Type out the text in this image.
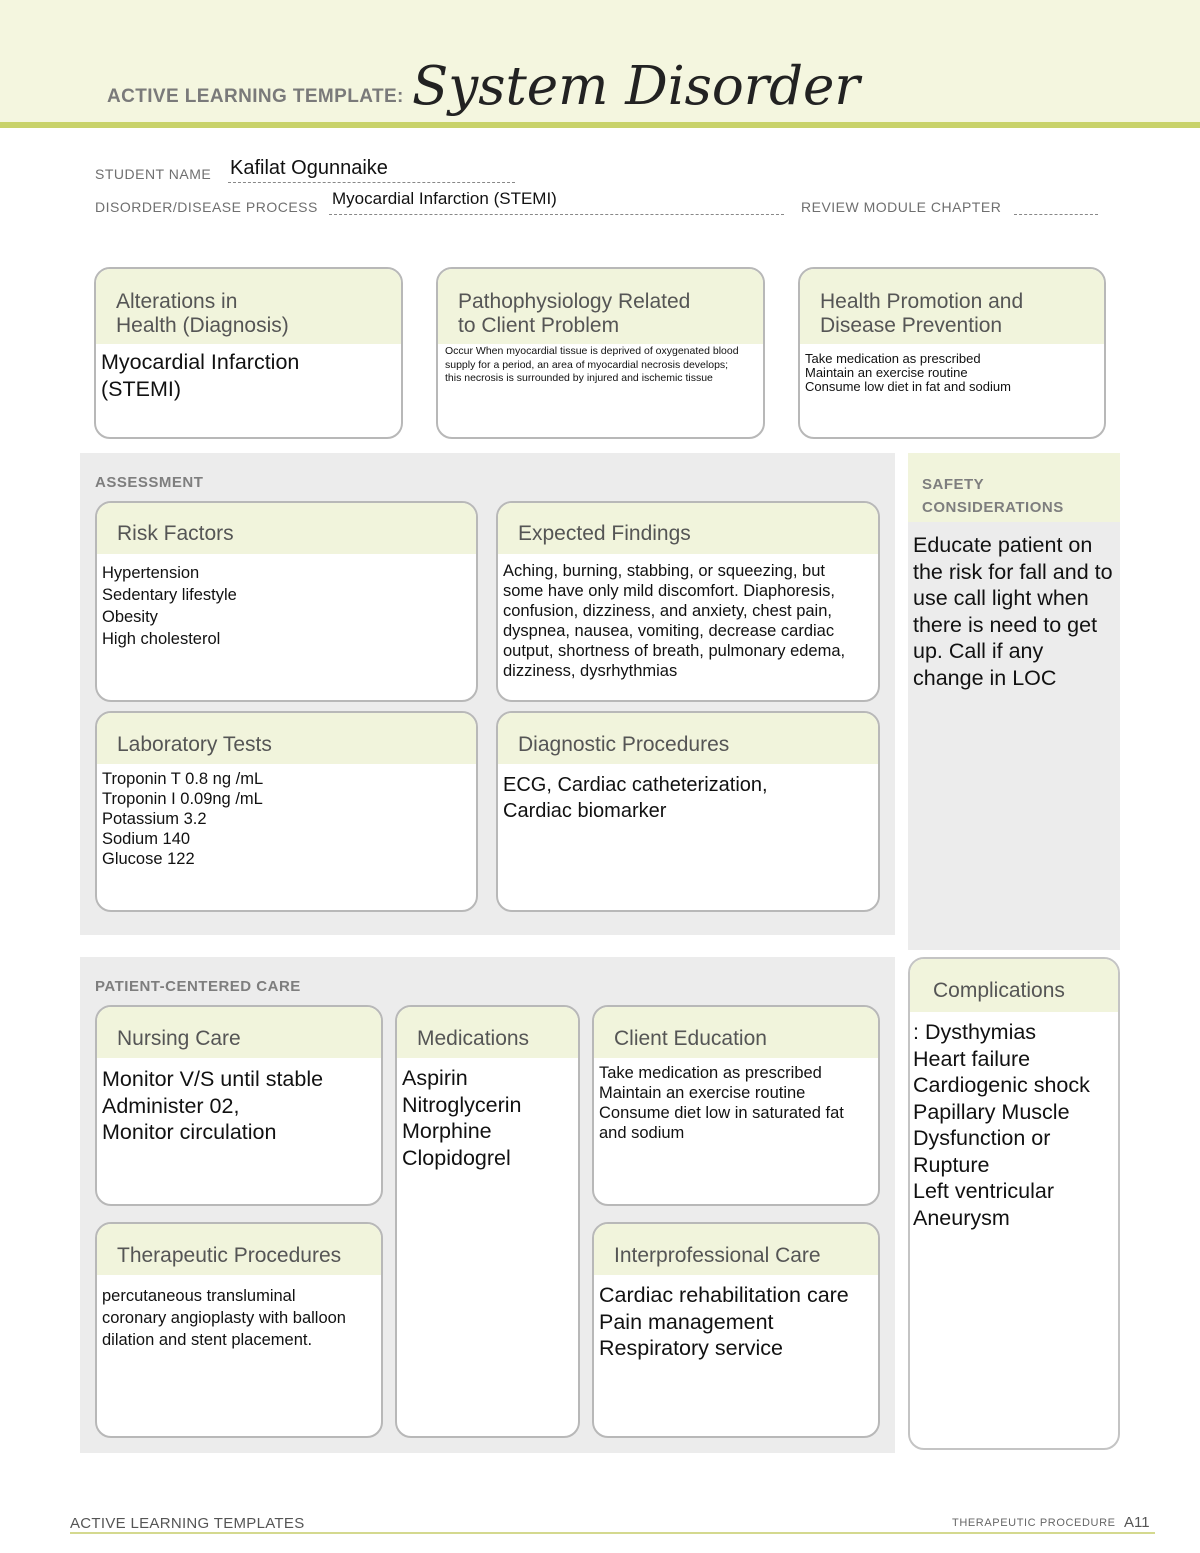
ACTIVE LEARNING TEMPLATE: System Disorder
STUDENT NAME Kafilat Ogunnaike
DISORDER/DISEASE PROCESS Myocardial Infarction (STEMI)	REVIEW MODULE CHAPTER
Alterations in
Health (Diagnosis)
Myocardial Infarction
(STEMI)
Pathophysiology Related
to Client Problem
Occur When myocardial tissue is deprived of oxygenated blood supply for a period, an area of myocardial necrosis develops; this necrosis is surrounded by injured and ischemic tissue
Health Promotion and
Disease Prevention
Take medication as prescribed
Maintain an exercise routine
Consume low diet in fat and sodium
ASSESSMENT
Risk Factors
Hypertension
Sedentary lifestyle
Obesity
High cholesterol
Expected Findings
Aching, burning, stabbing, or squeezing, but some have only mild discomfort. Diaphoresis, confusion, dizziness, and anxiety, chest pain, dyspnea, nausea, vomiting, decrease cardiac output, shortness of breath, pulmonary edema, dizziness, dysrhythmias
Laboratory Tests
Troponin T 0.8 ng /mL
Troponin I 0.09ng /mL
Potassium 3.2
Sodium 140
Glucose 122
Diagnostic Procedures
ECG, Cardiac catheterization, Cardiac biomarker
SAFETY
CONSIDERATIONS
Educate patient on the risk for fall and to use call light when there is need to get up. Call if any change in LOC
PATIENT-CENTERED CARE
Nursing Care
Monitor V/S until stable
Administer 02,
Monitor circulation
Medications
Aspirin
Nitroglycerin
Morphine
Clopidogrel
Client Education
Take medication as prescribed
Maintain an exercise routine
Consume diet low in saturated fat and sodium
Therapeutic Procedures
percutaneous transluminal coronary angioplasty with balloon dilation and stent placement.
Interprofessional Care
Cardiac rehabilitation care
Pain management
Respiratory service
Complications
: Dysthymias
Heart failure
Cardiogenic shock
Papillary Muscle Dysfunction or Rupture
Left ventricular Aneurysm
ACTIVE LEARNING TEMPLATES	THERAPEUTIC PROCEDURE A11
